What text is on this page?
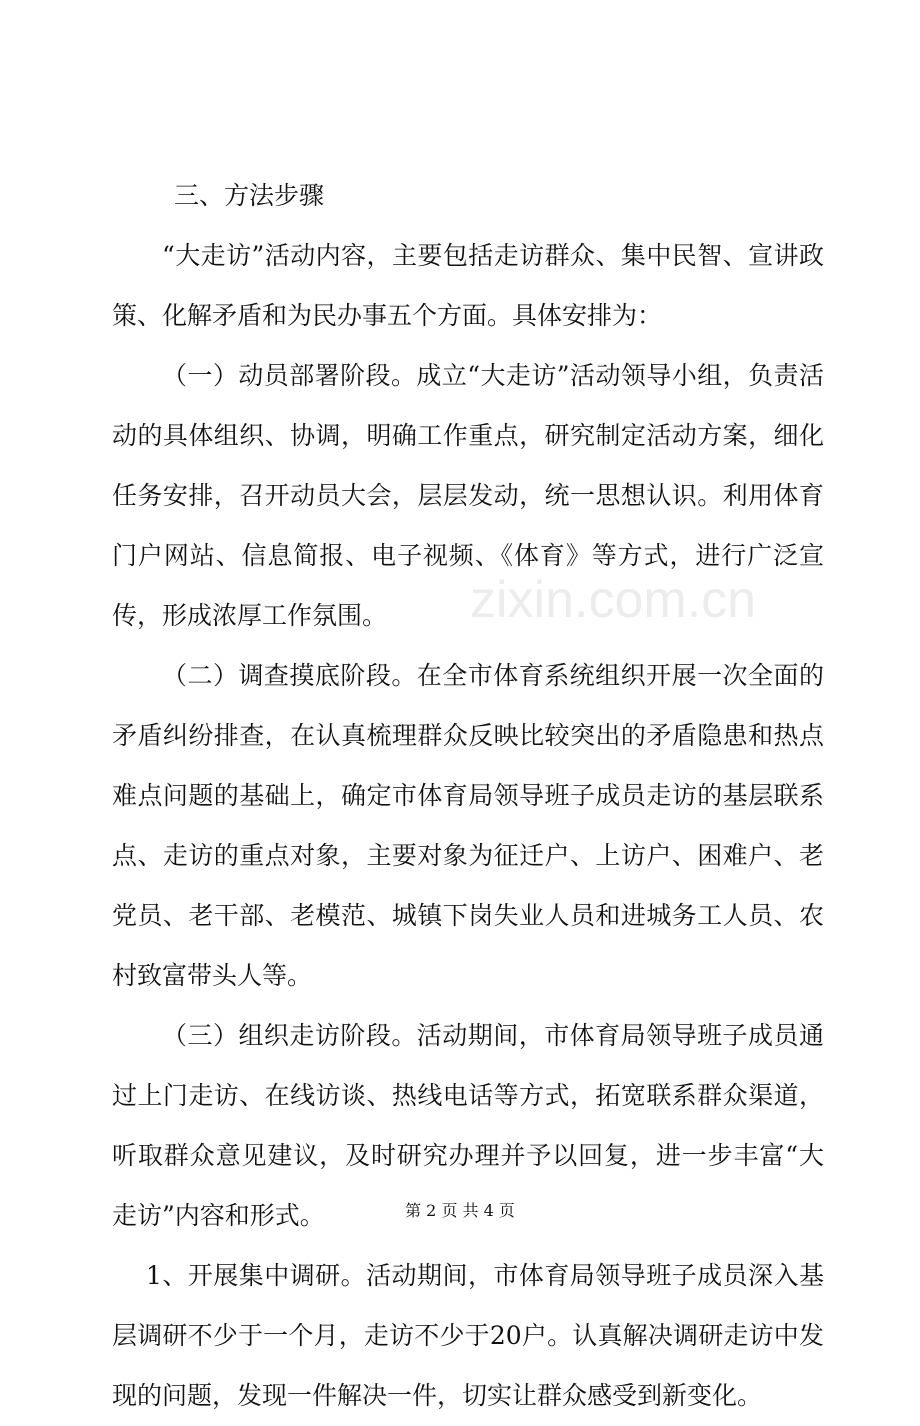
三、方法步骤

“大走访”活动内容，主要包括走访群众、集中民智、宣讲政策、化解矛盾和为民办事五个方面。具体安排为：

（一）动员部署阶段。成立“大走访”活动领导小组，负责活动的具体组织、协调，明确工作重点，研究制定活动方案，细化任务安排，召开动员大会，层层发动，统一思想认识。利用体育门户网站、信息简报、电子视频、《体育》等方式，进行广泛宣传，形成浓厚工作氛围。

（二）调查摸底阶段。在全市体育系统组织开展一次全面的矛盾纠纷排查，在认真梳理群众反映比较突出的矛盾隐患和热点难点问题的基础上，确定市体育局领导班子成员走访的基层联系点、走访的重点对象，主要对象为征迁户、上访户、困难户、老党员、老干部、老模范、城镇下岗失业人员和进城务工人员、农村致富带头人等。

（三）组织走访阶段。活动期间，市体育局领导班子成员通过上门走访、在线访谈、热线电话等方式，拓宽联系群众渠道，听取群众意见建议，及时研究办理并予以回复，进一步丰富“大走访”内容和形式。

1、开展集中调研。活动期间，市体育局领导班子成员深入基层调研不少于一个月，走访不少于20户。认真解决调研走访中发现的问题，发现一件解决一件，切实让群众感受到新变化。

zixin.com.cn
第 2 页 共 4 页
